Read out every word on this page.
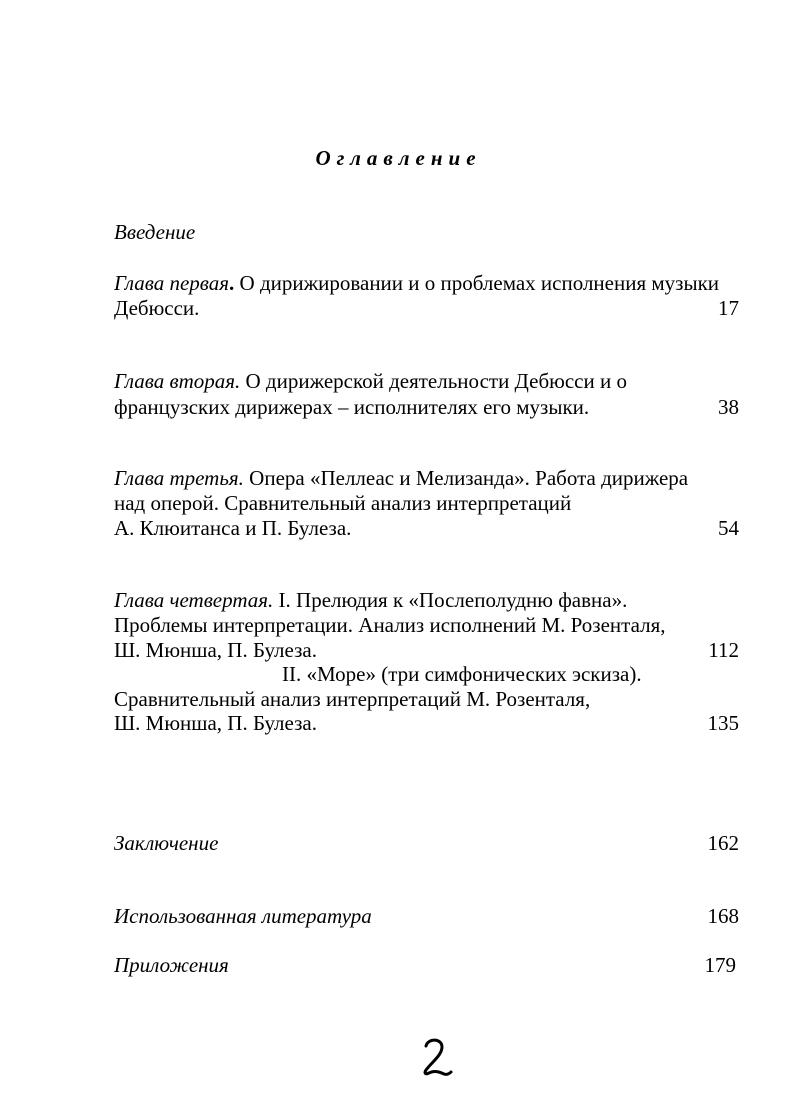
Оглавление
Введение
Глава первая. О дирижировании и о проблемах исполнения музыки
Дебюсси.	17
Глава вторая. О дирижерской деятельности Дебюсси и о
французских дирижерах – исполнителях его музыки.	38
Глава третья. Опера «Пеллеас и Мелизанда». Работа дирижера
над оперой. Сравнительный анализ интерпретаций
А. Клюитанса и П. Булеза.	54
Глава четвертая. I. Прелюдия к «Послеполудню фавна».
Проблемы интерпретации. Анализ исполнений М. Розенталя,
Ш. Мюнша, П. Булеза.	112
II. «Море» (три симфонических эскиза).
Сравнительный анализ интерпретаций М. Розенталя,
Ш. Мюнша, П. Булеза.	135
Заключение	162
Использованная литература	168
Приложения	179
